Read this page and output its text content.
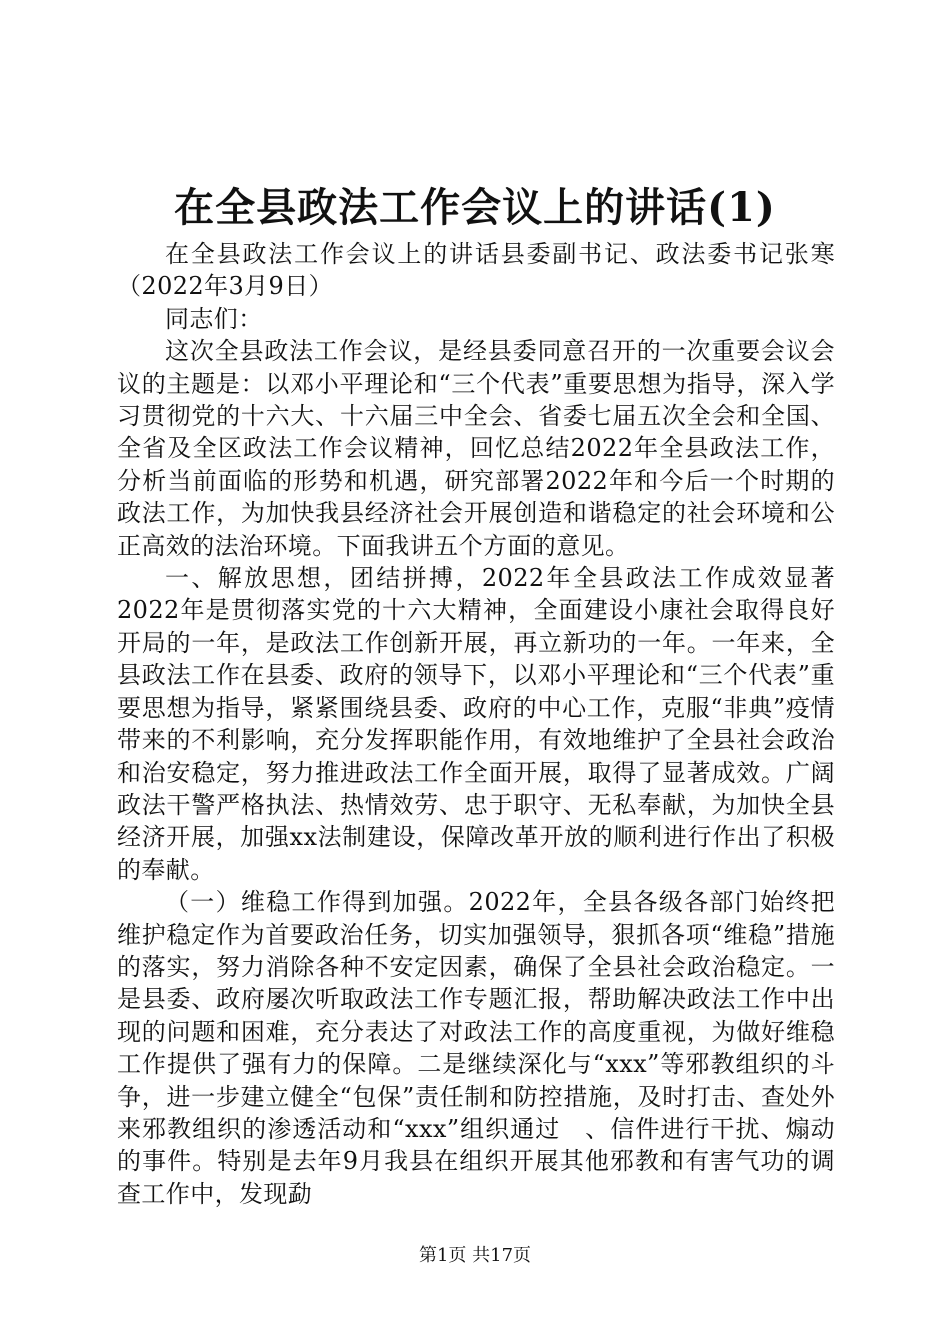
在全县政法工作会议上的讲话(1)

在全县政法工作会议上的讲话县委副书记、政法委书记张寒（2022年3月9日）

同志们：

这次全县政法工作会议，是经县委同意召开的一次重要会议会议的主题是：以邓小平理论和“三个代表”重要思想为指导，深入学习贯彻党的十六大、十六届三中全会、省委七届五次全会和全国、全省及全区政法工作会议精神，回忆总结2022年全县政法工作，分析当前面临的形势和机遇，研究部署2022年和今后一个时期的政法工作，为加快我县经济社会开展创造和谐稳定的社会环境和公正高效的法治环境。下面我讲五个方面的意见。

一、解放思想，团结拼搏，2022年全县政法工作成效显著2022年是贯彻落实党的十六大精神，全面建设小康社会取得良好开局的一年，是政法工作创新开展，再立新功的一年。一年来，全县政法工作在县委、政府的领导下，以邓小平理论和“三个代表”重要思想为指导，紧紧围绕县委、政府的中心工作，克服“非典”疫情带来的不利影响，充分发挥职能作用，有效地维护了全县社会政治和治安稳定，努力推进政法工作全面开展，取得了显著成效。广阔政法干警严格执法、热情效劳、忠于职守、无私奉献，为加快全县经济开展，加强xx法制建设，保障改革开放的顺利进行作出了积极的奉献。

（一）维稳工作得到加强。2022年，全县各级各部门始终把维护稳定作为首要政治任务，切实加强领导，狠抓各项“维稳”措施的落实，努力消除各种不安定因素，确保了全县社会政治稳定。一是县委、政府屡次听取政法工作专题汇报，帮助解决政法工作中出现的问题和困难，充分表达了对政法工作的高度重视，为做好维稳工作提供了强有力的保障。二是继续深化与“xxx”等邪教组织的斗争，进一步建立健全“包保”责任制和防控措施，及时打击、查处外来邪教组织的渗透活动和“xxx”组织通过　、信件进行干扰、煽动的事件。特别是去年9月我县在组织开展其他邪教和有害气功的调查工作中，发现勐

第1页 共17页
